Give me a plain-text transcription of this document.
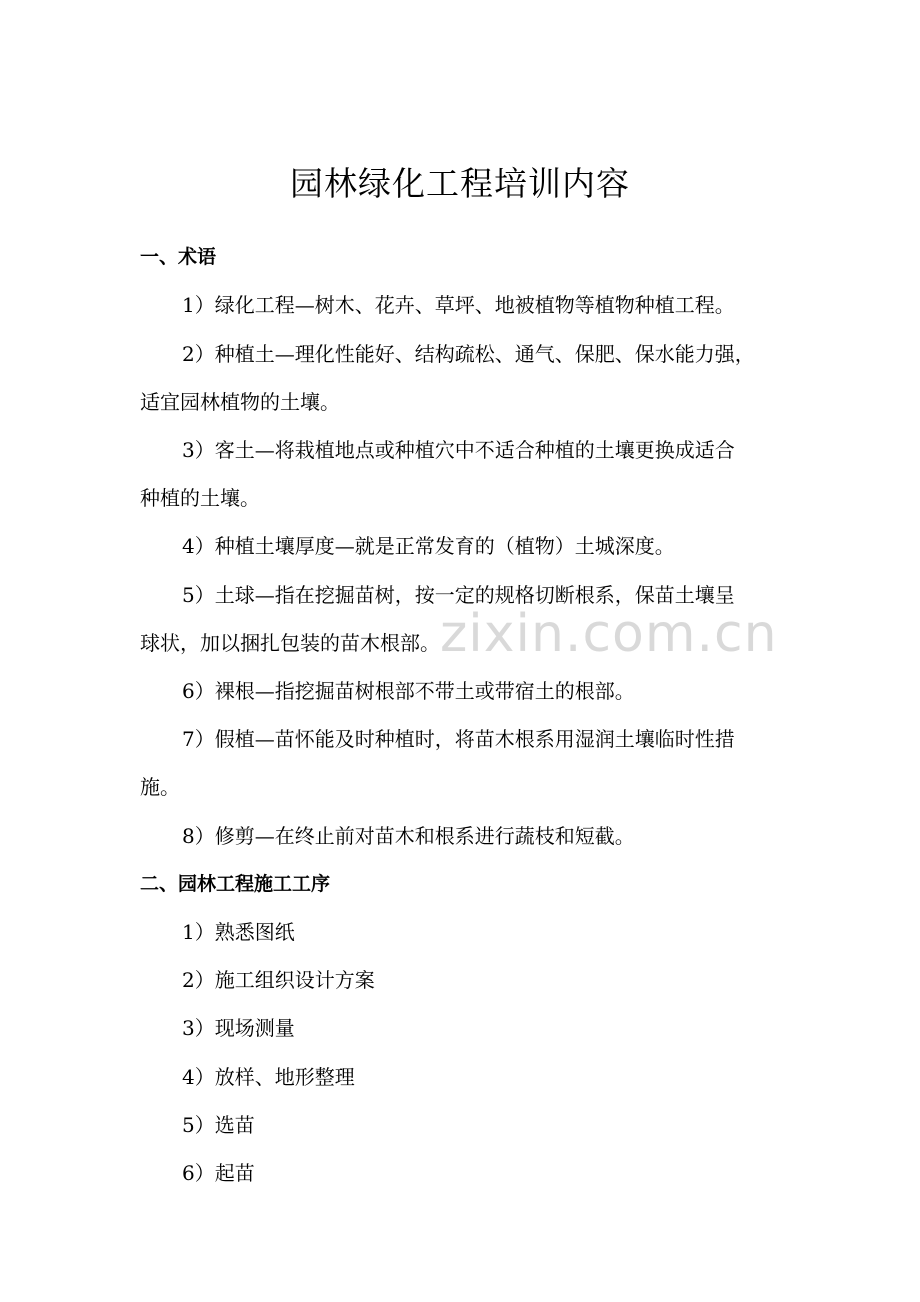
园林绿化工程培训内容
一、术语
1）绿化工程—树木、花卉、草坪、地被植物等植物种植工程。
2）种植土—理化性能好、结构疏松、通气、保肥、保水能力强，
适宜园林植物的土壤。
3）客土—将栽植地点或种植穴中不适合种植的土壤更换成适合
种植的土壤。
4）种植土壤厚度—就是正常发育的（植物）土城深度。
5）土球—指在挖掘苗树，按一定的规格切断根系，保苗土壤呈
球状，加以捆扎包装的苗木根部。
6）裸根—指挖掘苗树根部不带土或带宿土的根部。
7）假植—苗怀能及时种植时，将苗木根系用湿润土壤临时性措
施。
8）修剪—在终止前对苗木和根系进行蔬枝和短截。
二、园林工程施工工序
1）熟悉图纸
2）施工组织设计方案
3）现场测量
4）放样、地形整理
5）选苗
6）起苗
zixin.com.cn
